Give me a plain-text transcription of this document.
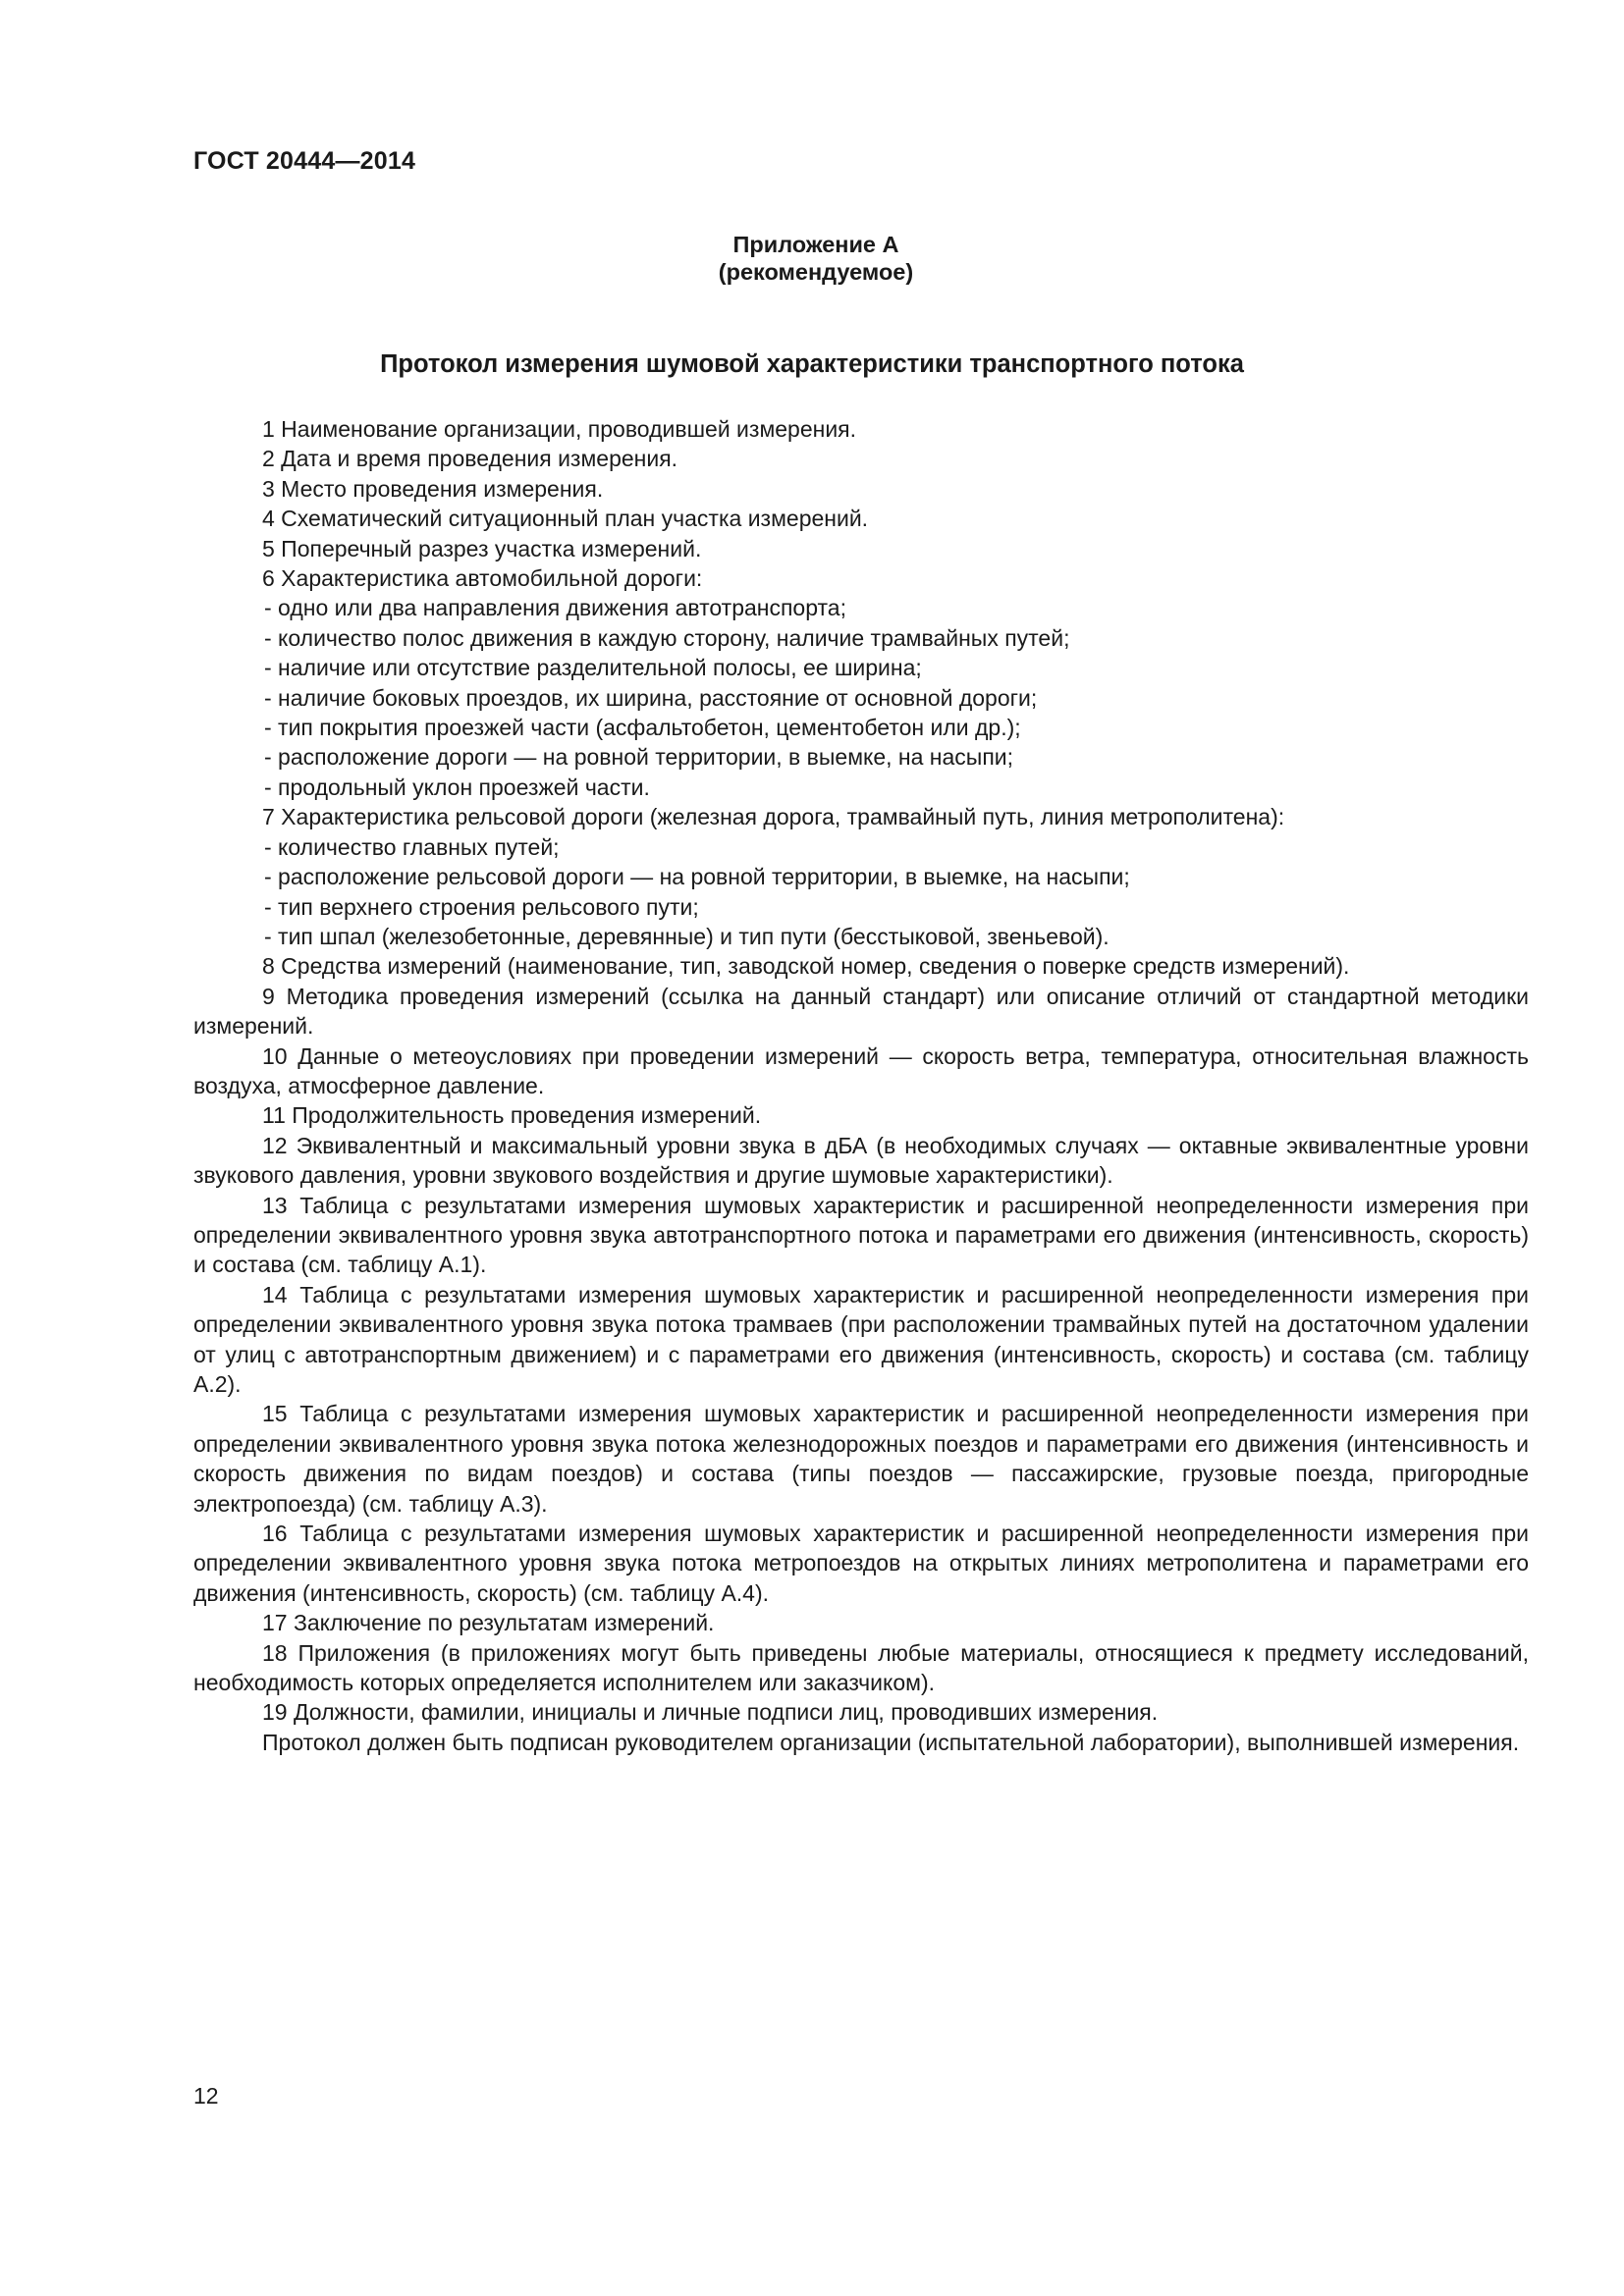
ГОСТ 20444—2014
Приложение А
(рекомендуемое)
Протокол измерения шумовой характеристики транспортного потока

1 Наименование организации, проводившей измерения.

2 Дата и время проведения измерения.

3 Место проведения измерения.

4 Схематический ситуационный план участка измерений.

5 Поперечный разрез участка измерений.

6 Характеристика автомобильной дороги:

- одно или два направления движения автотранспорта;

- количество полос движения в каждую сторону, наличие трамвайных путей;

- наличие или отсутствие разделительной полосы, ее ширина;

- наличие боковых проездов, их ширина, расстояние от основной дороги;

- тип покрытия проезжей части (асфальтобетон, цементобетон или др.);

- расположение дороги — на ровной территории, в выемке, на насыпи;

- продольный уклон проезжей части.

7 Характеристика рельсовой дороги (железная дорога, трамвайный путь, линия метрополитена):

- количество главных путей;

- расположение рельсовой дороги — на ровной территории, в выемке, на насыпи;

- тип верхнего строения рельсового пути;

- тип шпал (железобетонные, деревянные) и тип пути (бесстыковой, звеньевой).

8 Средства измерений (наименование, тип, заводской номер, сведения о поверке средств измерений).

9 Методика проведения измерений (ссылка на данный стандарт) или описание отличий от стандартной методики измерений.

10 Данные о метеоусловиях при проведении измерений — скорость ветра, температура, относительная влажность воздуха, атмосферное давление.

11 Продолжительность проведения измерений.

12 Эквивалентный и максимальный уровни звука в дБА (в необходимых случаях — октавные эквивалентные уровни звукового давления, уровни звукового воздействия и другие шумовые характеристики).

13 Таблица с результатами измерения шумовых характеристик и расширенной неопределенности измерения при определении эквивалентного уровня звука автотранспортного потока и параметрами его движения (интенсивность, скорость) и состава (см. таблицу А.1).

14 Таблица с результатами измерения шумовых характеристик и расширенной неопределенности измерения при определении эквивалентного уровня звука потока трамваев (при расположении трамвайных путей на достаточном удалении от улиц с автотранспортным движением) и с параметрами его движения (интенсивность, скорость) и состава (см. таблицу А.2).

15 Таблица с результатами измерения шумовых характеристик и расширенной неопределенности измерения при определении эквивалентного уровня звука потока железнодорожных поездов и параметрами его движения (интенсивность и скорость движения по видам поездов) и состава (типы поездов — пассажирские, грузовые поезда, пригородные электропоезда) (см. таблицу А.3).

16 Таблица с результатами измерения шумовых характеристик и расширенной неопределенности измерения при определении эквивалентного уровня звука потока метропоездов на открытых линиях метрополитена и параметрами его движения (интенсивность, скорость) (см. таблицу А.4).

17 Заключение по результатам измерений.

18 Приложения (в приложениях могут быть приведены любые материалы, относящиеся к предмету исследований, необходимость которых определяется исполнителем или заказчиком).

19 Должности, фамилии, инициалы и личные подписи лиц, проводивших измерения.

Протокол должен быть подписан руководителем организации (испытательной лаборатории), выполнившей измерения.

12
